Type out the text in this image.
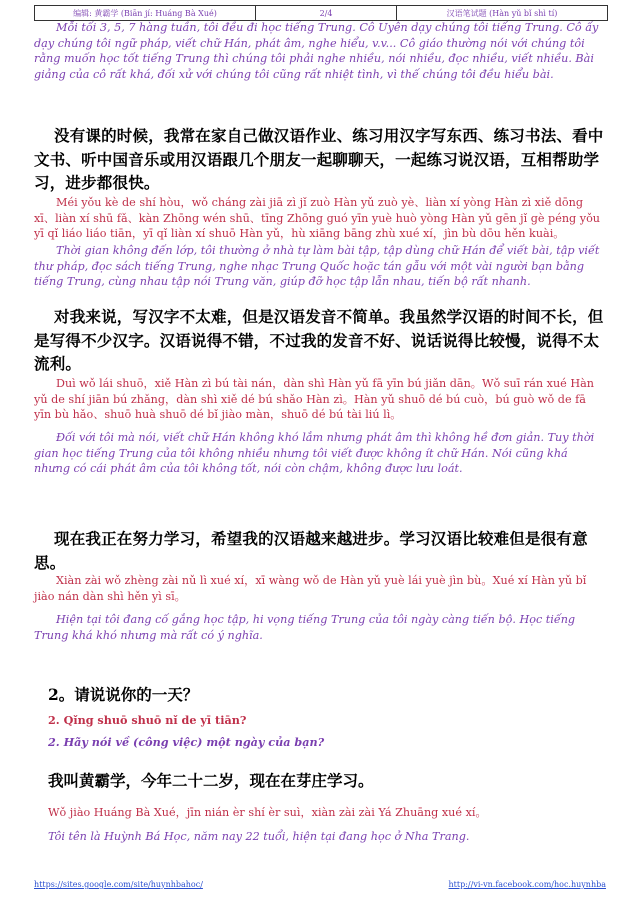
编辑: 黄霸学 (Biān jí: Huáng Bà Xué)	2/4	汉语笔试题 (Hàn yǔ bǐ shì tí)

Mỗi tối 3, 5, 7 hàng tuần, tôi đều đi học tiếng Trung. Cô Uyên dạy chúng tôi tiếng Trung. Cô ấy dạy chúng tôi ngữ pháp, viết chữ Hán, phát âm, nghe hiểu, v.v... Cô giáo thường nói với chúng tôi rằng muốn học tốt tiếng Trung thì chúng tôi phải nghe nhiều, nói nhiều, đọc nhiều, viết nhiều. Bài giảng của cô rất khá, đối xử với chúng tôi cũng rất nhiệt tình, vì thế chúng tôi đều hiểu bài.

没有课的时候，我常在家自己做汉语作业、练习用汉字写东西、练习书法、看中文书、听中国音乐或用汉语跟几个朋友一起聊聊天，一起练习说汉语，互相帮助学习，进步都很快。

Méi yǒu kè de shí hòu，wǒ cháng zài jiā zì jǐ zuò Hàn yǔ zuò yè、liàn xí yòng Hàn zì xiě dōng xī、liàn xí shū fǎ、kàn Zhōng wén shū、tīng Zhōng guó yīn yuè huò yòng Hàn yǔ gēn jǐ gè péng yǒu yī qǐ liáo liáo tiān，yī qǐ liàn xí shuō Hàn yǔ，hù xiāng bāng zhù xué xí，jìn bù dōu hěn kuài。

Thời gian không đến lớp, tôi thường ở nhà tự làm bài tập, tập dùng chữ Hán để viết bài, tập viết thư pháp, đọc sách tiếng Trung, nghe nhạc Trung Quốc hoặc tán gẫu với một vài người bạn bằng tiếng Trung, cùng nhau tập nói Trung văn, giúp đỡ học tập lẫn nhau, tiến bộ rất nhanh.

对我来说，写汉字不太难，但是汉语发音不简单。我虽然学汉语的时间不长，但是写得不少汉字。汉语说得不错，不过我的发音不好、说话说得比较慢，说得不太流利。

Duì wǒ lái shuō，xiě Hàn zì bú tài nán，dàn shì Hàn yǔ fā yīn bú jiǎn dān。Wǒ suī rán xué Hàn yǔ de shí jiān bú zhǎng，dàn shì xiě dé bú shǎo Hàn zì。Hàn yǔ shuō dé bú cuò，bú guò wǒ de fā yīn bù hǎo、shuō huà shuō dé bǐ jiào màn，shuō dé bú tài liú lì。

Đối với tôi mà nói, viết chữ Hán không khó lắm nhưng phát âm thì không hề đơn giản. Tuy thời gian học tiếng Trung của tôi không nhiều nhưng tôi viết được không ít chữ Hán. Nói cũng khá nhưng có cái phát âm của tôi không tốt, nói còn chậm, không được lưu loát.

现在我正在努力学习，希望我的汉语越来越进步。学习汉语比较难但是很有意思。

Xiàn zài wǒ zhèng zài nǔ lì xué xí，xī wàng wǒ de Hàn yǔ yuè lái yuè jìn bù。Xué xí Hàn yǔ bǐ jiào nán dàn shì hěn yì sī。

Hiện tại tôi đang cố gắng học tập, hi vọng tiếng Trung của tôi ngày càng tiến bộ. Học tiếng Trung khá khó nhưng mà rất có ý nghĩa.

2。请说说你的一天？

2. Qǐng shuō shuō nǐ de yī tiān?

2. Hãy nói về (công việc) một ngày của bạn?

我叫黄霸学，今年二十二岁，现在在芽庄学习。

Wǒ jiào Huáng Bà Xué，jīn nián èr shí èr suì，xiàn zài zài Yá Zhuāng xué xí。

Tôi tên là Huỳnh Bá Học, năm nay 22 tuổi, hiện tại đang học ở Nha Trang.

https://sites.google.com/site/huynhbahoc/	http://vi-vn.facebook.com/hoc.huynhba
